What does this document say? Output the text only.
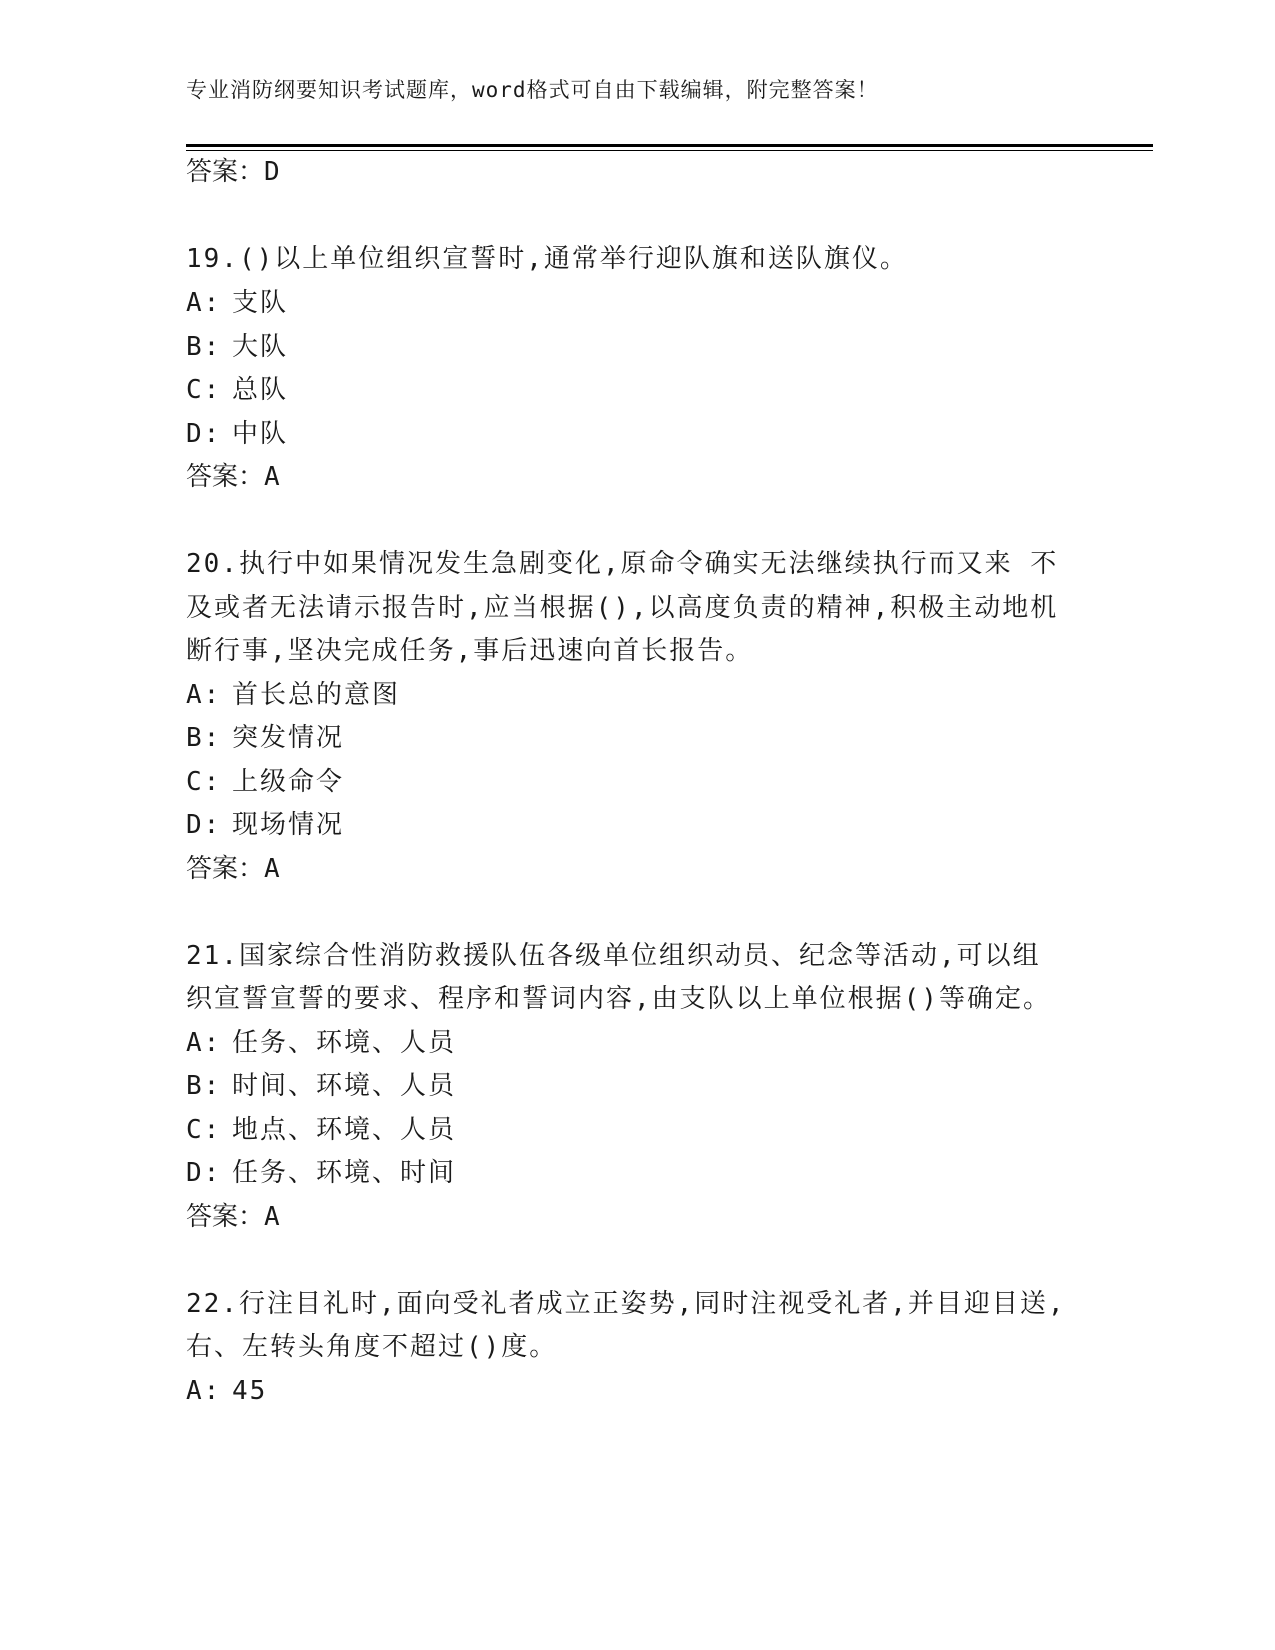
专业消防纲要知识考试题库，word格式可自由下载编辑，附完整答案！
答案：D
19.()以上单位组织宣誓时,通常举行迎队旗和送队旗仪。
A: 支队
B: 大队
C: 总队
D: 中队
答案：A
20.执行中如果情况发生急剧变化,原命令确实无法继续执行而又来 不
及或者无法请示报告时,应当根据(),以高度负责的精神,积极主动地机
断行事,坚决完成任务,事后迅速向首长报告。
A: 首长总的意图
B: 突发情况
C: 上级命令
D: 现场情况
答案：A
21.国家综合性消防救援队伍各级单位组织动员、纪念等活动,可以组
织宣誓宣誓的要求、程序和誓词内容,由支队以上单位根据()等确定。
A: 任务、环境、人员
B: 时间、环境、人员
C: 地点、环境、人员
D: 任务、环境、时间
答案：A
22.行注目礼时,面向受礼者成立正姿势,同时注视受礼者,并目迎目送,
右、左转头角度不超过()度。
A: 45
